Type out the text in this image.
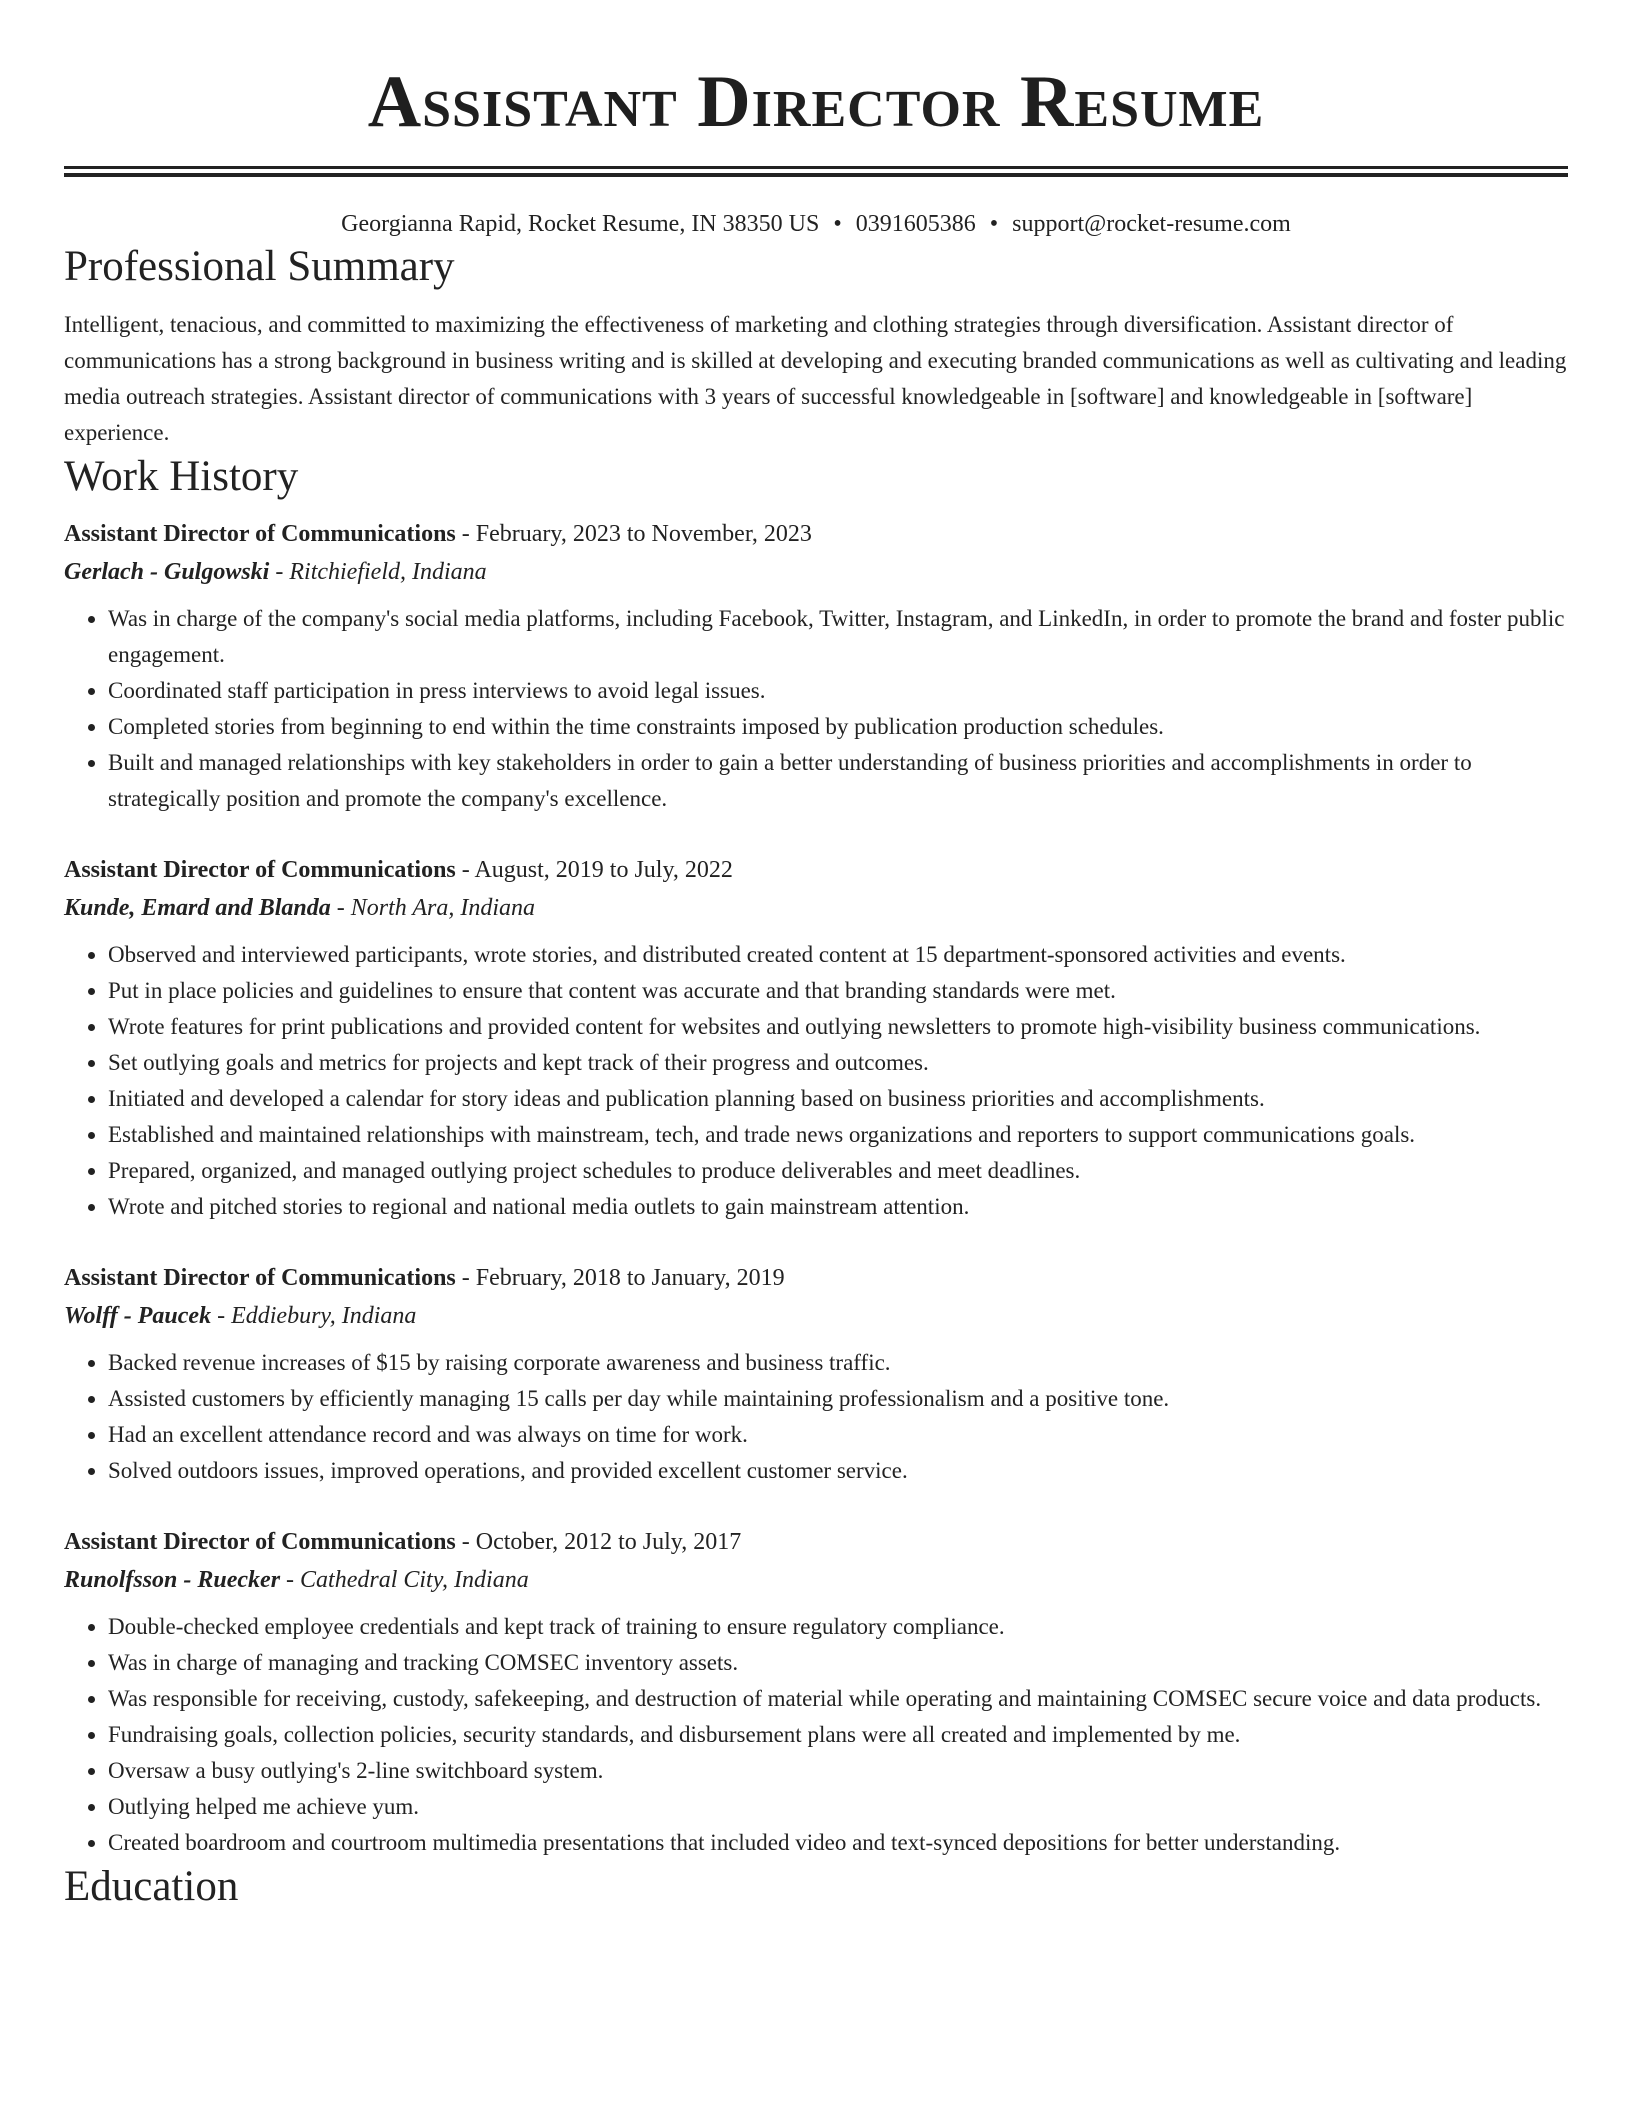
Assistant Director Resume
Georgianna Rapid, Rocket Resume, IN 38350 US • 0391605386 • support@rocket-resume.com
Professional Summary

Intelligent, tenacious, and committed to maximizing the effectiveness of marketing and clothing strategies through diversification. Assistant director of communications has a strong background in business writing and is skilled at developing and executing branded communications as well as cultivating and leading media outreach strategies. Assistant director of communications with 3 years of successful knowledgeable in [software] and knowledgeable in [software] experience.

Work History
Assistant Director of Communications - February, 2023 to November, 2023
Gerlach - Gulgowski - Ritchiefield, Indiana
• Was in charge of the company's social media platforms, including Facebook, Twitter, Instagram, and LinkedIn, in order to promote the brand and foster public engagement.
• Coordinated staff participation in press interviews to avoid legal issues.
• Completed stories from beginning to end within the time constraints imposed by publication production schedules.
• Built and managed relationships with key stakeholders in order to gain a better understanding of business priorities and accomplishments in order to strategically position and promote the company's excellence.
Assistant Director of Communications - August, 2019 to July, 2022
Kunde, Emard and Blanda - North Ara, Indiana
• Observed and interviewed participants, wrote stories, and distributed created content at 15 department-sponsored activities and events.
• Put in place policies and guidelines to ensure that content was accurate and that branding standards were met.
• Wrote features for print publications and provided content for websites and outlying newsletters to promote high-visibility business communications.
• Set outlying goals and metrics for projects and kept track of their progress and outcomes.
• Initiated and developed a calendar for story ideas and publication planning based on business priorities and accomplishments.
• Established and maintained relationships with mainstream, tech, and trade news organizations and reporters to support communications goals.
• Prepared, organized, and managed outlying project schedules to produce deliverables and meet deadlines.
• Wrote and pitched stories to regional and national media outlets to gain mainstream attention.
Assistant Director of Communications - February, 2018 to January, 2019
Wolff - Paucek - Eddiebury, Indiana
• Backed revenue increases of $15 by raising corporate awareness and business traffic.
• Assisted customers by efficiently managing 15 calls per day while maintaining professionalism and a positive tone.
• Had an excellent attendance record and was always on time for work.
• Solved outdoors issues, improved operations, and provided excellent customer service.
Assistant Director of Communications - October, 2012 to July, 2017
Runolfsson - Ruecker - Cathedral City, Indiana
• Double-checked employee credentials and kept track of training to ensure regulatory compliance.
• Was in charge of managing and tracking COMSEC inventory assets.
• Was responsible for receiving, custody, safekeeping, and destruction of material while operating and maintaining COMSEC secure voice and data products.
• Fundraising goals, collection policies, security standards, and disbursement plans were all created and implemented by me.
• Oversaw a busy outlying's 2-line switchboard system.
• Outlying helped me achieve yum.
• Created boardroom and courtroom multimedia presentations that included video and text-synced depositions for better understanding.
Education
